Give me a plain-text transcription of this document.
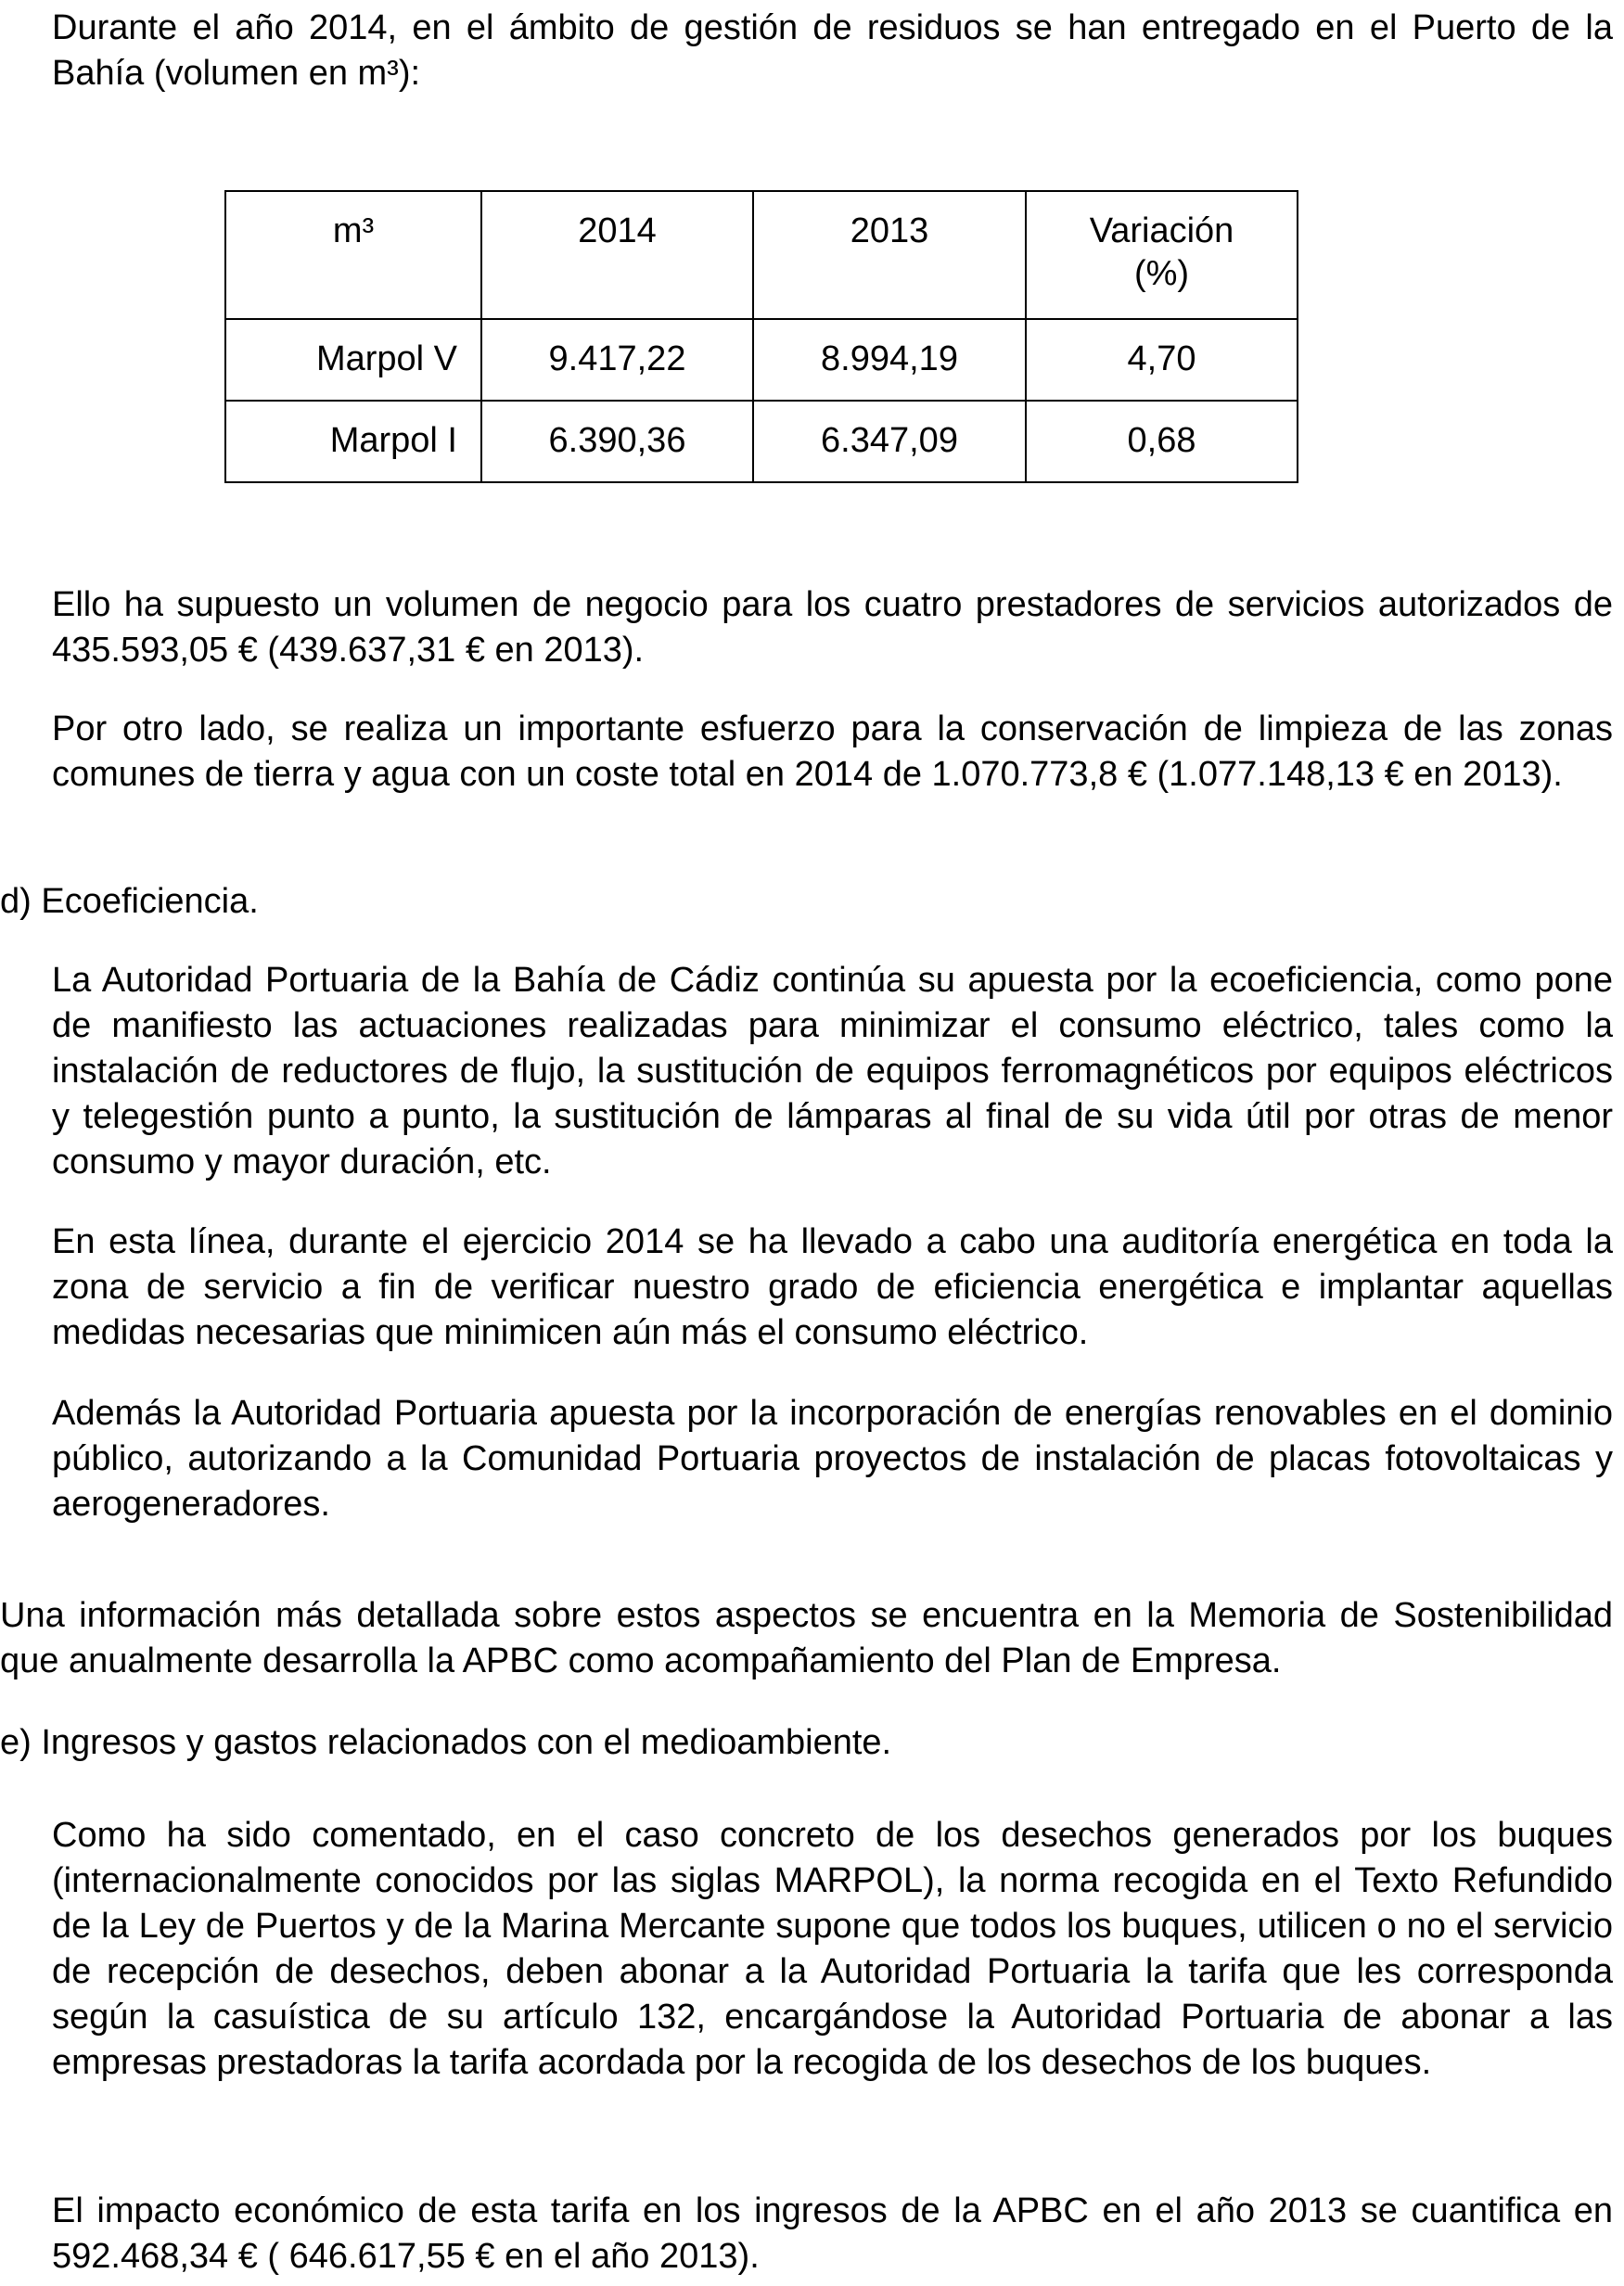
Durante el año 2014, en el ámbito de gestión de residuos se han entregado en el Puerto de la Bahía (volumen en m³):

m³	2014	2013	Variación (%)
Marpol V	9.417,22	8.994,19	4,70
Marpol I	6.390,36	6.347,09	0,68

Ello ha supuesto un volumen de negocio para los cuatro prestadores de servicios autorizados de 435.593,05 € (439.637,31 € en 2013).

Por otro lado, se realiza un importante esfuerzo para la conservación de limpieza de las zonas comunes de tierra y agua con un coste total en 2014 de 1.070.773,8 € (1.077.148,13 € en 2013).

d) Ecoeficiencia.

La Autoridad Portuaria de la Bahía de Cádiz continúa su apuesta por la ecoeficiencia, como pone de manifiesto las actuaciones realizadas para minimizar el consumo eléctrico, tales como la instalación de reductores de flujo, la sustitución de equipos ferromagnéticos por equipos eléctricos y telegestión punto a punto, la sustitución de lámparas al final de su vida útil por otras de menor consumo y mayor duración, etc.

En esta línea, durante el ejercicio 2014 se ha llevado a cabo una auditoría energética en toda la zona de servicio a fin de verificar nuestro grado de eficiencia energética e implantar aquellas medidas necesarias que minimicen aún más el consumo eléctrico.

Además la Autoridad Portuaria apuesta por la incorporación de energías renovables en el dominio público, autorizando a la Comunidad Portuaria proyectos de instalación de placas fotovoltaicas y aerogeneradores.

Una información más detallada sobre estos aspectos se encuentra en la Memoria de Sostenibilidad que anualmente desarrolla la APBC como acompañamiento del Plan de Empresa.

e) Ingresos y gastos relacionados con el medioambiente.

Como ha sido comentado, en el caso concreto de los desechos generados por los buques (internacionalmente conocidos por las siglas MARPOL), la norma recogida en el Texto Refundido de la Ley de Puertos y de la Marina Mercante supone que todos los buques, utilicen o no el servicio de recepción de desechos, deben abonar a la Autoridad Portuaria la tarifa que les corresponda según la casuística de su artículo 132, encargándose la Autoridad Portuaria de abonar a las empresas prestadoras la tarifa acordada por la recogida de los desechos de los buques.

El impacto económico de esta tarifa en los ingresos de la APBC en el año 2013 se cuantifica en 592.468,34 € ( 646.617,55 € en el año 2013).
